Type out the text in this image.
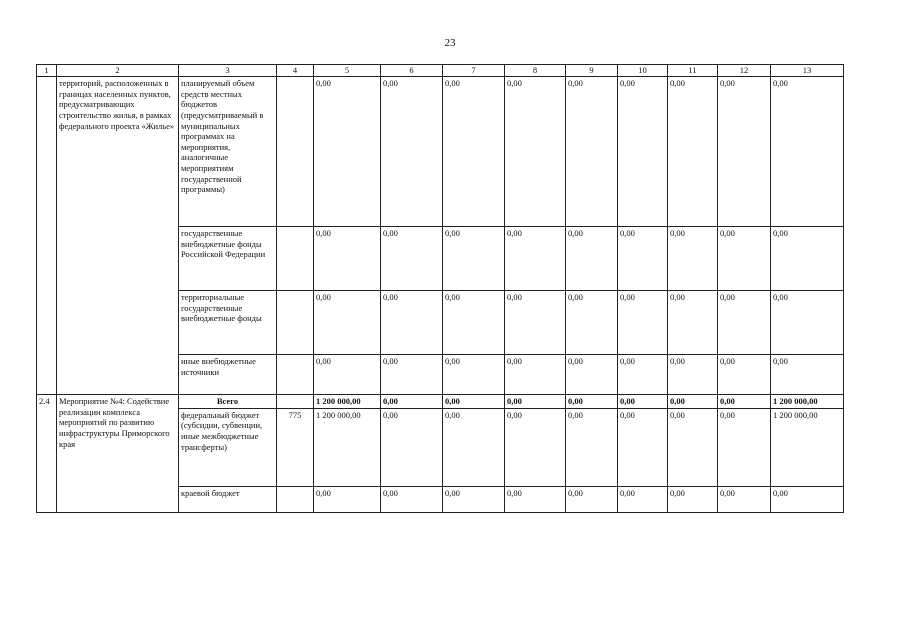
23
1	2	3	4	5	6	7	8	9	10	11	12	13
	территорий, расположенных в границах населенных пунктов, предусматривающих строительство жилья, в рамках федерального проекта «Жилье»	планируемый объем средств местных бюджетов (предусматриваемый в муниципальных программах на мероприятия, аналогичные мероприятиям государственной программы)		0,00	0,00	0,00	0,00	0,00	0,00	0,00	0,00	0,00
		государственные внебюджетные фонды Российской Федерации		0,00	0,00	0,00	0,00	0,00	0,00	0,00	0,00	0,00
		территориальные государственные внебюджетные фонды		0,00	0,00	0,00	0,00	0,00	0,00	0,00	0,00	0,00
		иные внебюджетные источники		0,00	0,00	0,00	0,00	0,00	0,00	0,00	0,00	0,00
2.4	Мероприятие №4: Содействие реализации комплекса мероприятий по развитию инфраструктуры Приморского края	Всего		1 200 000,00	0,00	0,00	0,00	0,00	0,00	0,00	0,00	1 200 000,00
		федеральный бюджет (субсидии, субвенции, иные межбюджетные трансферты)	775	1 200 000,00	0,00	0,00	0,00	0,00	0,00	0,00	0,00	1 200 000,00
		краевой бюджет		0,00	0,00	0,00	0,00	0,00	0,00	0,00	0,00	0,00
